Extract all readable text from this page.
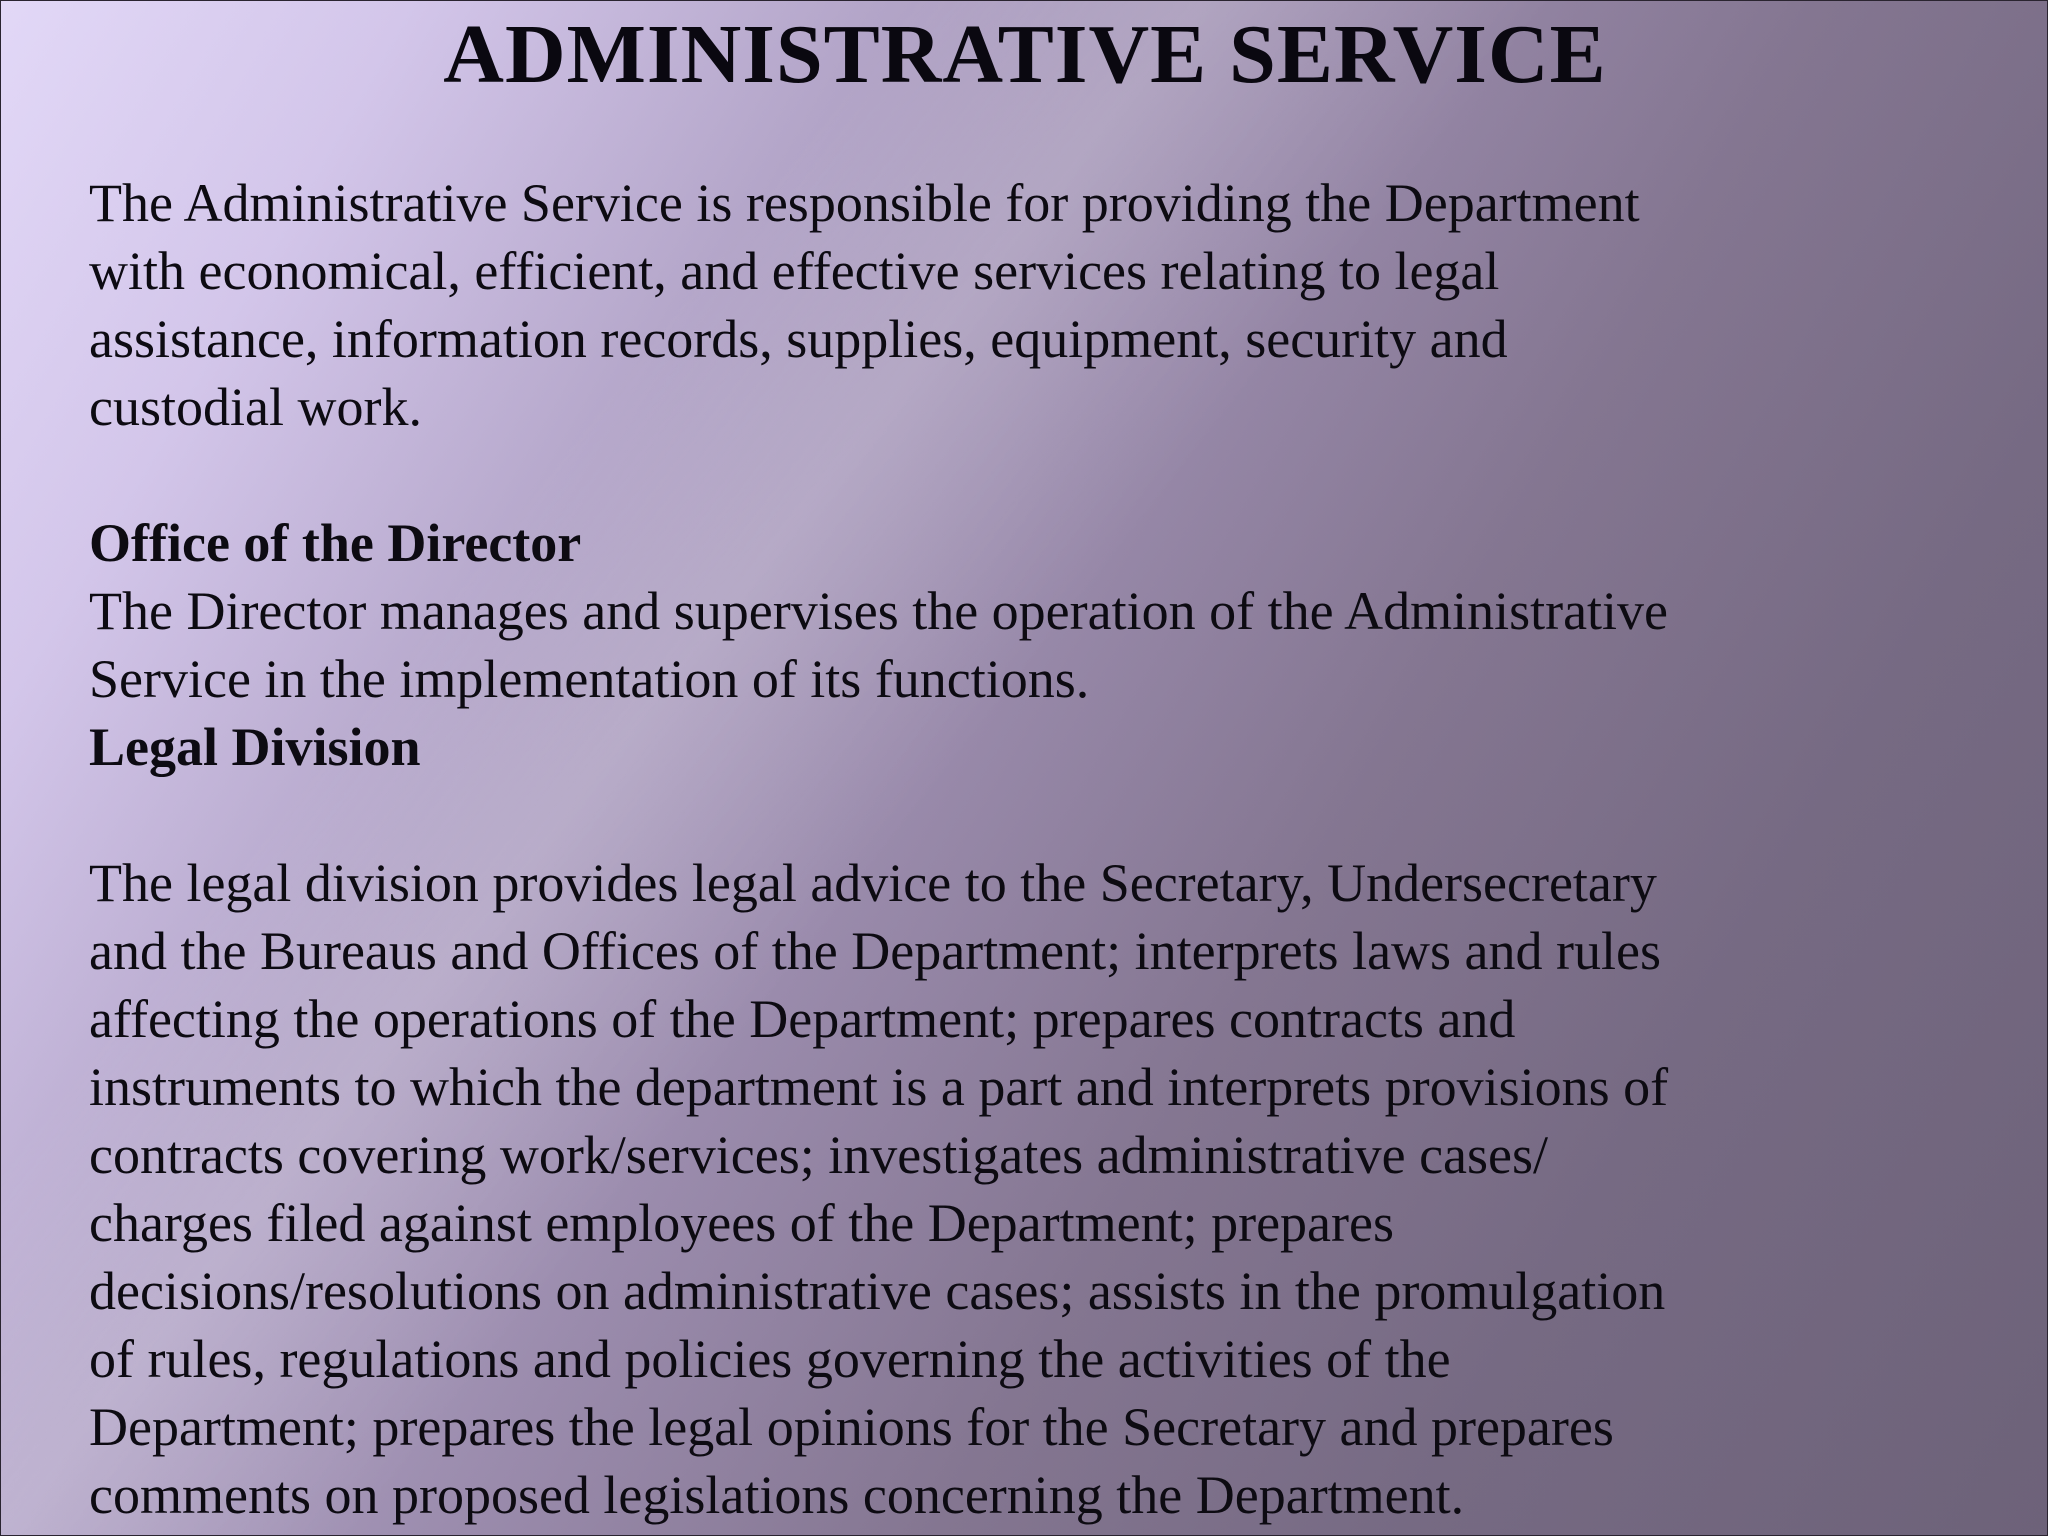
ADMINISTRATIVE SERVICE
The Administrative Service is responsible for providing the Department
with economical, efficient, and effective services relating to legal
assistance, information records, supplies, equipment, security and
custodial work.
Office of the Director
The Director manages and supervises the operation of the Administrative
Service in the implementation of its functions.
Legal Division
The legal division provides legal advice to the Secretary, Undersecretary
and the Bureaus and Offices of the Department; interprets laws and rules
affecting the operations of the Department; prepares contracts and
instruments to which the department is a part and interprets provisions of
contracts covering work/services; investigates administrative cases/
charges filed against employees of the Department; prepares
decisions/resolutions on administrative cases; assists in the promulgation
of rules, regulations and policies governing the activities of the
Department; prepares the legal opinions for the Secretary and prepares
comments on proposed legislations concerning the Department.
